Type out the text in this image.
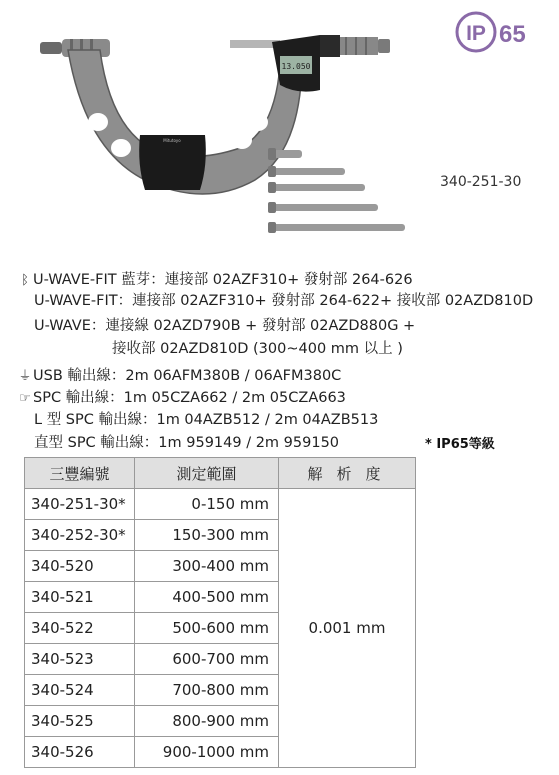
IP 65
Mitutoyo
13.050
340-251-30
ᛒ U-WAVE-FIT 藍芽：連接部 02AZF310+ 發射部 264-626
U-WAVE-FIT：連接部 02AZF310+ 發射部 264-622+ 接收部 02AZD810D
U-WAVE：連接線 02AZD790B + 發射部 02AZD880G +
接收部 02AZD810D (300~400 mm 以上 )
⏚ USB 輸出線：2m 06AFM380B / 06AFM380C
☞ SPC 輸出線：1m 05CZA662 / 2m 05CZA663
L 型 SPC 輸出線：1m 04AZB512 / 2m 04AZB513
直型 SPC 輸出線：1m 959149 / 2m 959150	* IP65等級
三豐編號	測定範圍	解析度
340-251-30*	0-150 mm	0.001 mm
340-252-30*	150-300 mm	
340-520	300-400 mm	
340-521	400-500 mm	
340-522	500-600 mm	
340-523	600-700 mm	
340-524	700-800 mm	
340-525	800-900 mm	
340-526	900-1000 mm	
